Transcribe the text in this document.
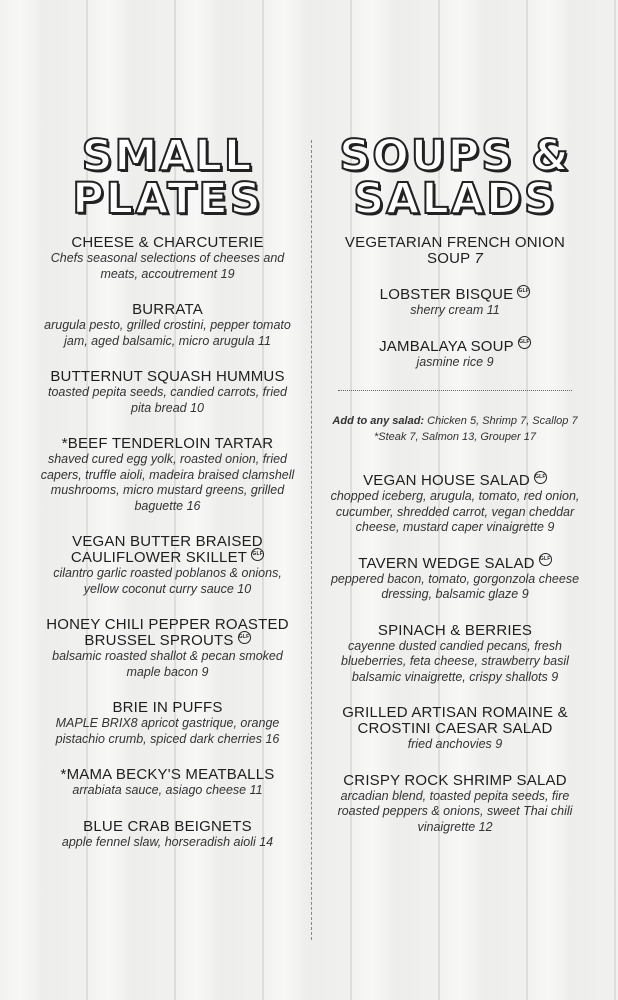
SMALL
PLATES
CHEESE & CHARCUTERIE
Chefs seasonal selections of cheeses and meats, accoutrement 19
BURRATA
arugula pesto, grilled crostini, pepper tomato jam, aged balsamic, micro arugula 11
BUTTERNUT SQUASH HUMMUS
toasted pepita seeds, candied carrots, fried pita bread 10
*BEEF TENDERLOIN TARTAR
shaved cured egg yolk, roasted onion, fried capers, truffle aioli, madeira braised clamshell mushrooms, micro mustard greens, grilled baguette 16
VEGAN BUTTER BRAISED CAULIFLOWER SKILLET GLF
cilantro garlic roasted poblanos & onions, yellow coconut curry sauce 10
HONEY CHILI PEPPER ROASTED BRUSSEL SPROUTS GLF
balsamic roasted shallot & pecan smoked maple bacon 9
BRIE IN PUFFS
MAPLE BRIX8 apricot gastrique, orange pistachio crumb, spiced dark cherries 16
*MAMA BECKY'S MEATBALLS
arrabiata sauce, asiago cheese 11
BLUE CRAB BEIGNETS
apple fennel slaw, horseradish aioli 14
SOUPS &
SALADS
VEGETARIAN FRENCH ONION SOUP 7
LOBSTER BISQUE GLF
sherry cream 11
JAMBALAYA SOUP GLF
jasmine rice 9
Add to any salad: Chicken 5, Shrimp 7, Scallop 7 *Steak 7, Salmon 13, Grouper 17
VEGAN HOUSE SALAD GLF
chopped iceberg, arugula, tomato, red onion, cucumber, shredded carrot, vegan cheddar cheese, mustard caper vinaigrette 9
TAVERN WEDGE SALAD GLF
peppered bacon, tomato, gorgonzola cheese dressing, balsamic glaze 9
SPINACH & BERRIES
cayenne dusted candied pecans, fresh blueberries, feta cheese, strawberry basil balsamic vinaigrette, crispy shallots 9
GRILLED ARTISAN ROMAINE & CROSTINI CAESAR SALAD
fried anchovies 9
CRISPY ROCK SHRIMP SALAD
arcadian blend, toasted pepita seeds, fire roasted peppers & onions, sweet Thai chili vinaigrette 12
